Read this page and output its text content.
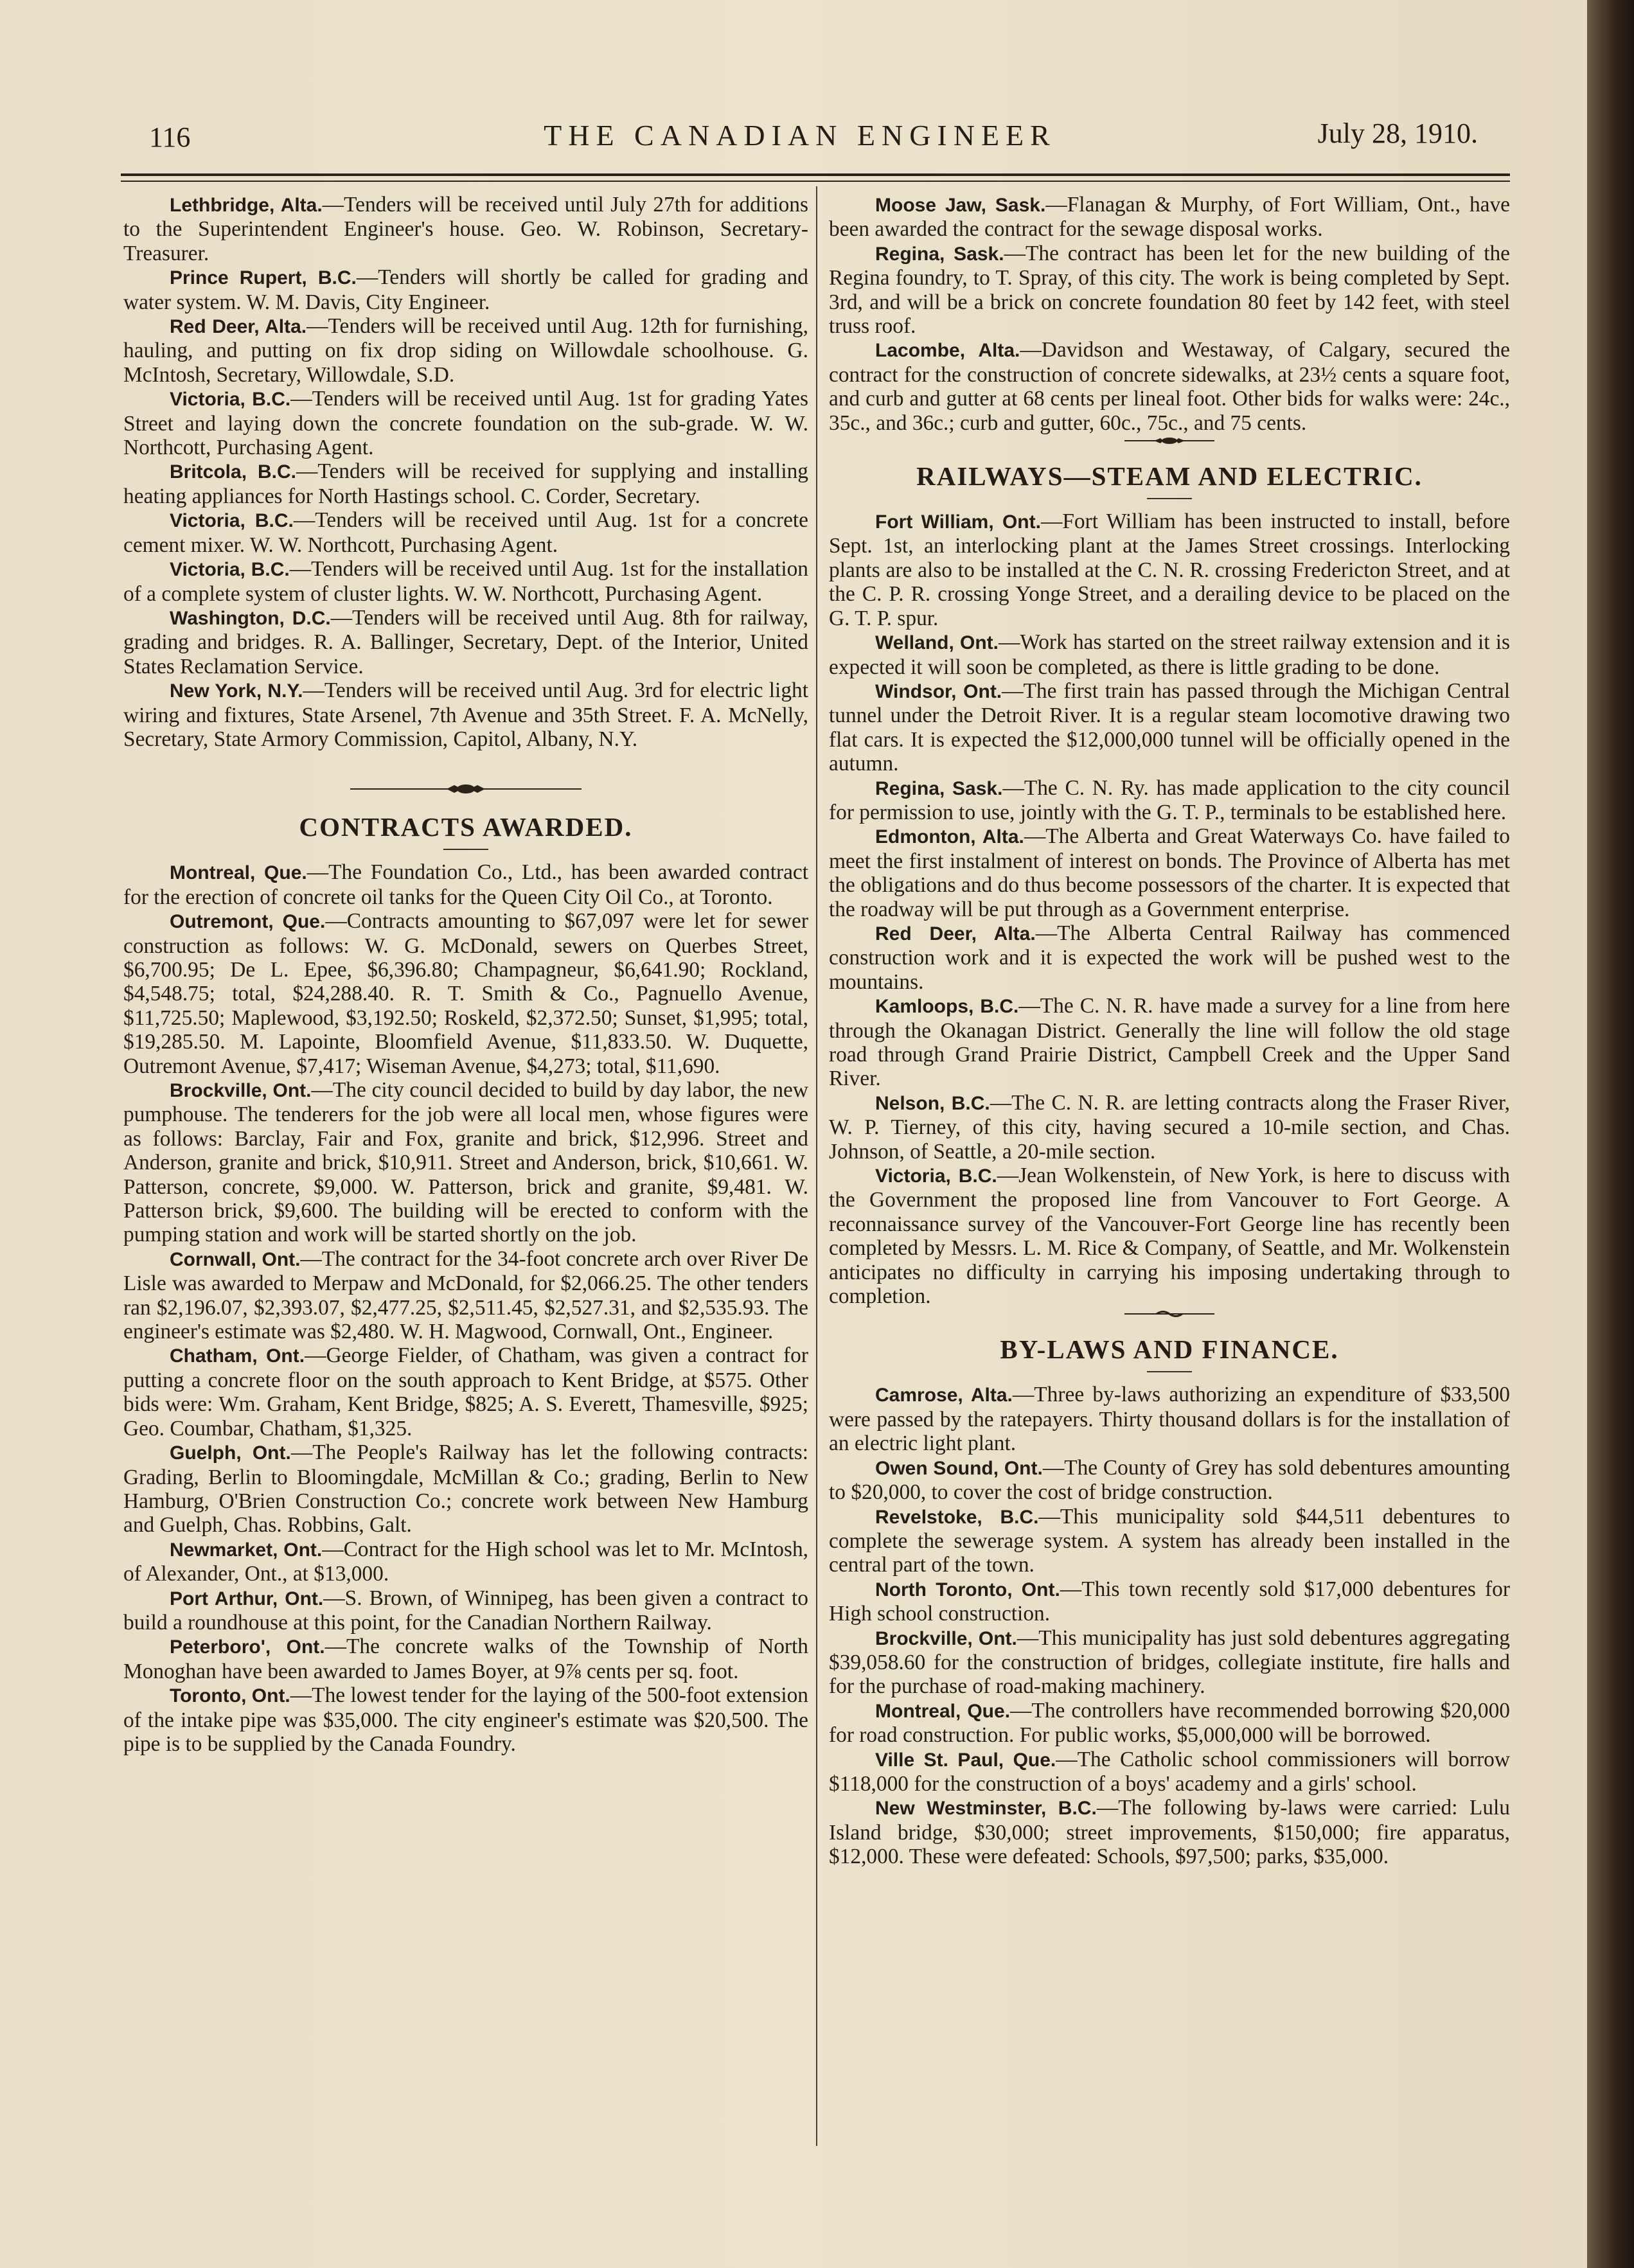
116	THE CANADIAN ENGINEER	July 28, 1910.

Lethbridge, Alta.—Tenders will be received until July 27th for additions to the Superintendent Engineer's house. Geo. W. Robinson, Secretary-Treasurer.

Prince Rupert, B.C.—Tenders will shortly be called for grading and water system. W. M. Davis, City Engineer.

Red Deer, Alta.—Tenders will be received until Aug. 12th for furnishing, hauling, and putting on fix drop siding on Willowdale schoolhouse. G. McIntosh, Secretary, Willowdale, S.D.

Victoria, B.C.—Tenders will be received until Aug. 1st for grading Yates Street and laying down the concrete foundation on the sub-grade. W. W. Northcott, Purchasing Agent.

Britcola, B.C.—Tenders will be received for supplying and installing heating appliances for North Hastings school. C. Corder, Secretary.

Victoria, B.C.—Tenders will be received until Aug. 1st for a concrete cement mixer. W. W. Northcott, Purchasing Agent.

Victoria, B.C.—Tenders will be received until Aug. 1st for the installation of a complete system of cluster lights. W. W. Northcott, Purchasing Agent.

Washington, D.C.—Tenders will be received until Aug. 8th for railway, grading and bridges. R. A. Ballinger, Secretary, Dept. of the Interior, United States Reclamation Service.

New York, N.Y.—Tenders will be received until Aug. 3rd for electric light wiring and fixtures, State Arsenel, 7th Avenue and 35th Street. F. A. McNelly, Secretary, State Armory Commission, Capitol, Albany, N.Y.

CONTRACTS AWARDED.

Montreal, Que.—The Foundation Co., Ltd., has been awarded contract for the erection of concrete oil tanks for the Queen City Oil Co., at Toronto.

Outremont, Que.—Contracts amounting to $67,097 were let for sewer construction as follows: W. G. McDonald, sewers on Querbes Street, $6,700.95; De L. Epee, $6,396.80; Champagneur, $6,641.90; Rockland, $4,548.75; total, $24,288.40. R. T. Smith & Co., Pagnuello Avenue, $11,725.50; Maplewood, $3,192.50; Roskeld, $2,372.50; Sunset, $1,995; total, $19,285.50. M. Lapointe, Bloomfield Avenue, $11,833.50. W. Duquette, Outremont Avenue, $7,417; Wiseman Avenue, $4,273; total, $11,690.

Brockville, Ont.—The city council decided to build by day labor, the new pumphouse. The tenderers for the job were all local men, whose figures were as follows: Barclay, Fair and Fox, granite and brick, $12,996. Street and Anderson, granite and brick, $10,911. Street and Anderson, brick, $10,661. W. Patterson, concrete, $9,000. W. Patterson, brick and granite, $9,481. W. Patterson brick, $9,600. The building will be erected to conform with the pumping station and work will be started shortly on the job.

Cornwall, Ont.—The contract for the 34-foot concrete arch over River De Lisle was awarded to Merpaw and McDonald, for $2,066.25. The other tenders ran $2,196.07, $2,393.07, $2,477.25, $2,511.45, $2,527.31, and $2,535.93. The engineer's estimate was $2,480. W. H. Magwood, Cornwall, Ont., Engineer.

Chatham, Ont.—George Fielder, of Chatham, was given a contract for putting a concrete floor on the south approach to Kent Bridge, at $575. Other bids were: Wm. Graham, Kent Bridge, $825; A. S. Everett, Thamesville, $925; Geo. Coumbar, Chatham, $1,325.

Guelph, Ont.—The People's Railway has let the following contracts: Grading, Berlin to Bloomingdale, McMillan & Co.; grading, Berlin to New Hamburg, O'Brien Construction Co.; concrete work between New Hamburg and Guelph, Chas. Robbins, Galt.

Newmarket, Ont.—Contract for the High school was let to Mr. McIntosh, of Alexander, Ont., at $13,000.

Port Arthur, Ont.—S. Brown, of Winnipeg, has been given a contract to build a roundhouse at this point, for the Canadian Northern Railway.

Peterboro', Ont.—The concrete walks of the Township of North Monoghan have been awarded to James Boyer, at 9⅞ cents per sq. foot.

Toronto, Ont.—The lowest tender for the laying of the 500-foot extension of the intake pipe was $35,000. The city engineer's estimate was $20,500. The pipe is to be supplied by the Canada Foundry.

Moose Jaw, Sask.—Flanagan & Murphy, of Fort William, Ont., have been awarded the contract for the sewage disposal works.

Regina, Sask.—The contract has been let for the new building of the Regina foundry, to T. Spray, of this city. The work is being completed by Sept. 3rd, and will be a brick on concrete foundation 80 feet by 142 feet, with steel truss roof.

Lacombe, Alta.—Davidson and Westaway, of Calgary, secured the contract for the construction of concrete sidewalks, at 23½ cents a square foot, and curb and gutter at 68 cents per lineal foot. Other bids for walks were: 24c., 35c., and 36c.; curb and gutter, 60c., 75c., and 75 cents.

RAILWAYS—STEAM AND ELECTRIC.

Fort William, Ont.—Fort William has been instructed to install, before Sept. 1st, an interlocking plant at the James Street crossings. Interlocking plants are also to be installed at the C. N. R. crossing Fredericton Street, and at the C. P. R. crossing Yonge Street, and a derailing device to be placed on the G. T. P. spur.

Welland, Ont.—Work has started on the street railway extension and it is expected it will soon be completed, as there is little grading to be done.

Windsor, Ont.—The first train has passed through the Michigan Central tunnel under the Detroit River. It is a regular steam locomotive drawing two flat cars. It is expected the $12,000,000 tunnel will be officially opened in the autumn.

Regina, Sask.—The C. N. Ry. has made application to the city council for permission to use, jointly with the G. T. P., terminals to be established here.

Edmonton, Alta.—The Alberta and Great Waterways Co. have failed to meet the first instalment of interest on bonds. The Province of Alberta has met the obligations and do thus become possessors of the charter. It is expected that the roadway will be put through as a Government enterprise.

Red Deer, Alta.—The Alberta Central Railway has commenced construction work and it is expected the work will be pushed west to the mountains.

Kamloops, B.C.—The C. N. R. have made a survey for a line from here through the Okanagan District. Generally the line will follow the old stage road through Grand Prairie District, Campbell Creek and the Upper Sand River.

Nelson, B.C.—The C. N. R. are letting contracts along the Fraser River, W. P. Tierney, of this city, having secured a 10-mile section, and Chas. Johnson, of Seattle, a 20-mile section.

Victoria, B.C.—Jean Wolkenstein, of New York, is here to discuss with the Government the proposed line from Vancouver to Fort George. A reconnaissance survey of the Vancouver-Fort George line has recently been completed by Messrs. L. M. Rice & Company, of Seattle, and Mr. Wolkenstein anticipates no difficulty in carrying his imposing undertaking through to completion.

BY-LAWS AND FINANCE.

Camrose, Alta.—Three by-laws authorizing an expenditure of $33,500 were passed by the ratepayers. Thirty thousand dollars is for the installation of an electric light plant.

Owen Sound, Ont.—The County of Grey has sold debentures amounting to $20,000, to cover the cost of bridge construction.

Revelstoke, B.C.—This municipality sold $44,511 debentures to complete the sewerage system. A system has already been installed in the central part of the town.

North Toronto, Ont.—This town recently sold $17,000 debentures for High school construction.

Brockville, Ont.—This municipality has just sold debentures aggregating $39,058.60 for the construction of bridges, collegiate institute, fire halls and for the purchase of road-making machinery.

Montreal, Que.—The controllers have recommended borrowing $20,000 for road construction. For public works, $5,000,000 will be borrowed.

Ville St. Paul, Que.—The Catholic school commissioners will borrow $118,000 for the construction of a boys' academy and a girls' school.

New Westminster, B.C.—The following by-laws were carried: Lulu Island bridge, $30,000; street improvements, $150,000; fire apparatus, $12,000. These were defeated: Schools, $97,500; parks, $35,000.
